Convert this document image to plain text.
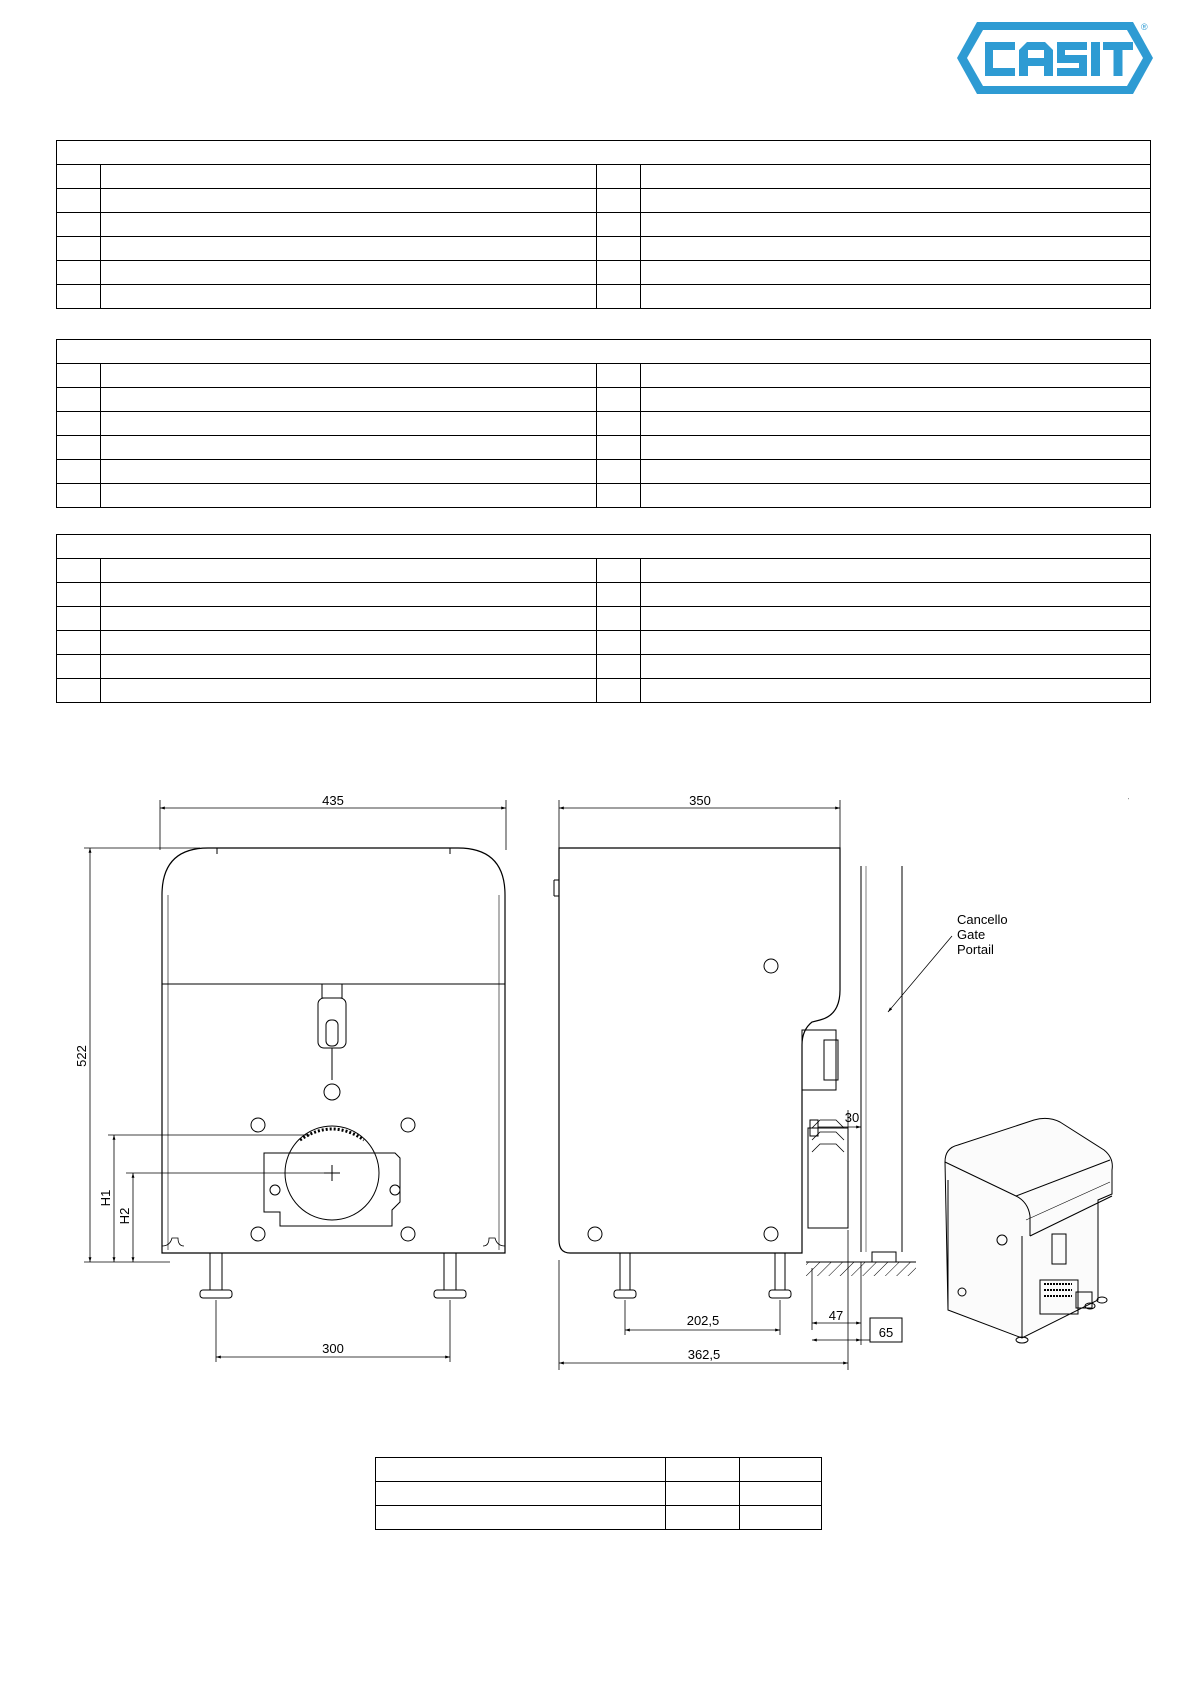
®

'
435
522
300
H1
H2
350
202,5
362,5
47
30
65
Cancello
Gate
Portail
